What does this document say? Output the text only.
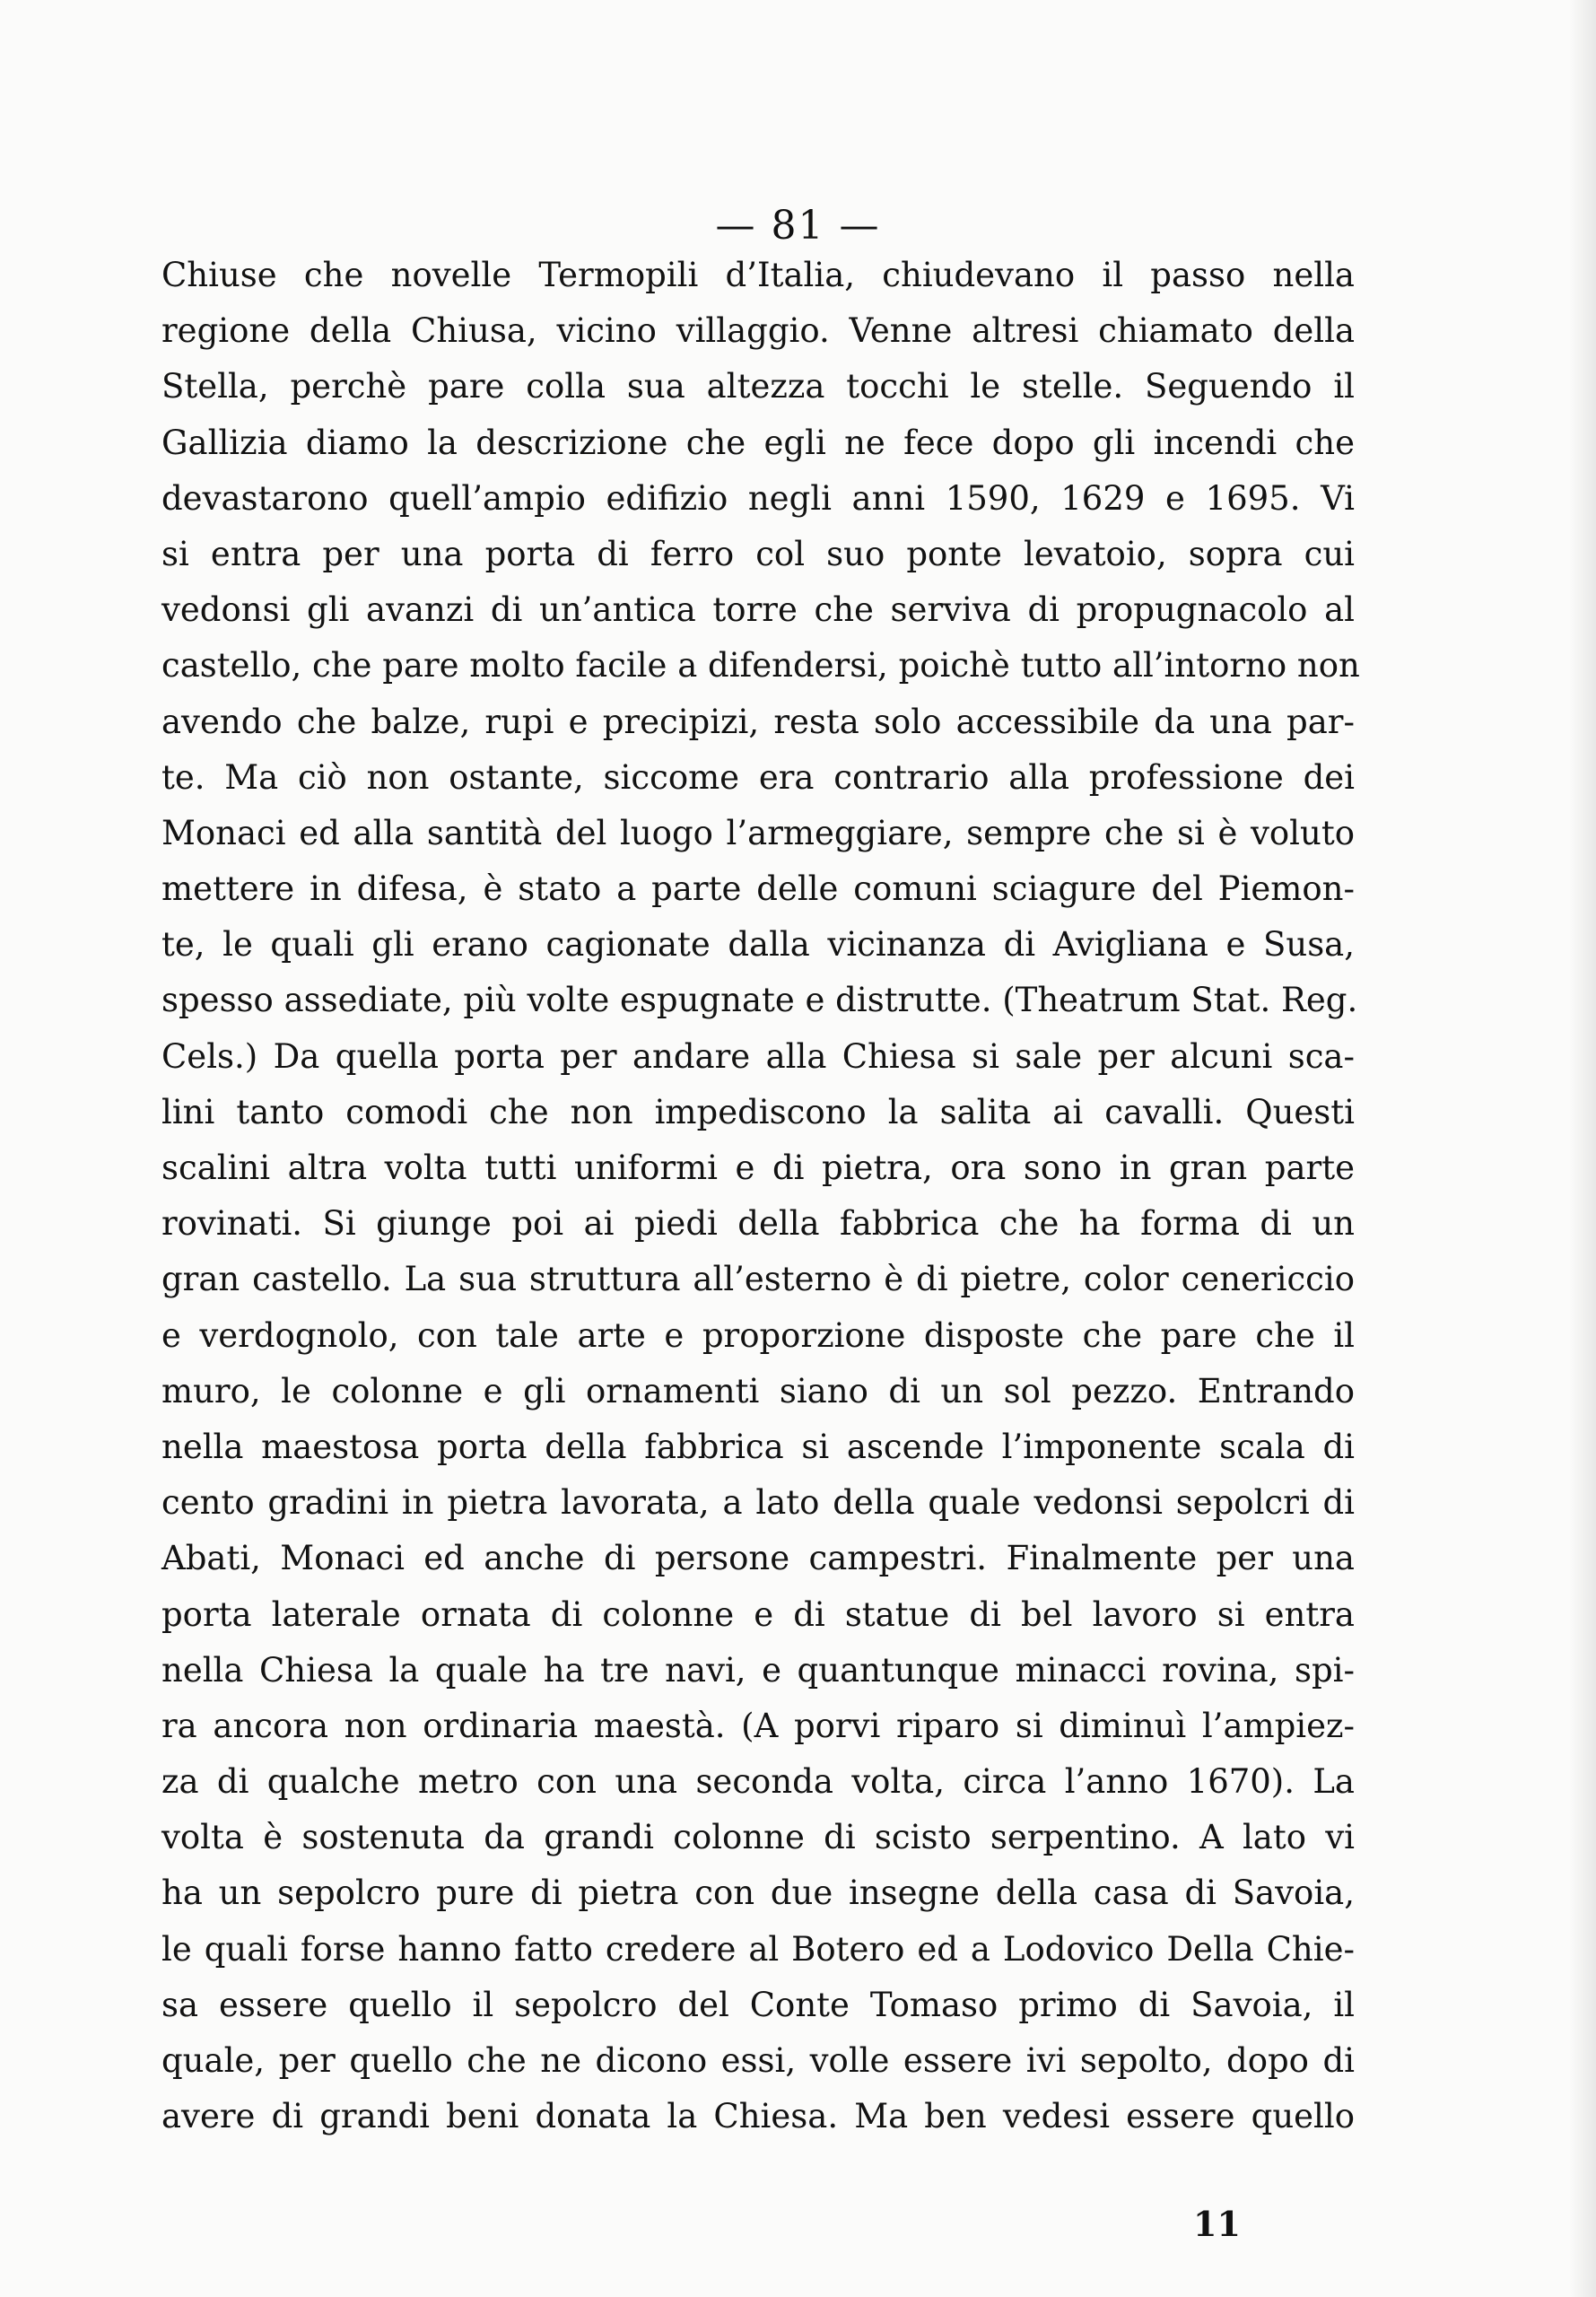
— 81 —
Chiuse che novelle Termopili d’Italia, chiudevano il passo nella
regione della Chiusa, vicino villaggio. Venne altresi chiamato della
Stella, perchè pare colla sua altezza tocchi le stelle. Seguendo il
Gallizia diamo la descrizione che egli ne fece dopo gli incendi che
devastarono quell’ampio edifizio negli anni 1590, 1629 e 1695. Vi
si entra per una porta di ferro col suo ponte levatoio, sopra cui
vedonsi gli avanzi di un’antica torre che serviva di propugnacolo al
castello, che pare molto facile a difendersi, poichè tutto all’intorno non
avendo che balze, rupi e precipizi, resta solo accessibile da una par-
te. Ma ciò non ostante, siccome era contrario alla professione dei
Monaci ed alla santità del luogo l’armeggiare, sempre che si è voluto
mettere in difesa, è stato a parte delle comuni sciagure del Piemon-
te, le quali gli erano cagionate dalla vicinanza di Avigliana e Susa,
spesso assediate, più volte espugnate e distrutte. (Theatrum Stat. Reg.
Cels.) Da quella porta per andare alla Chiesa si sale per alcuni sca-
lini tanto comodi che non impediscono la salita ai cavalli. Questi
scalini altra volta tutti uniformi e di pietra, ora sono in gran parte
rovinati. Si giunge poi ai piedi della fabbrica che ha forma di un
gran castello. La sua struttura all’esterno è di pietre, color cenericcio
e verdognolo, con tale arte e proporzione disposte che pare che il
muro, le colonne e gli ornamenti siano di un sol pezzo. Entrando
nella maestosa porta della fabbrica si ascende l’imponente scala di
cento gradini in pietra lavorata, a lato della quale vedonsi sepolcri di
Abati, Monaci ed anche di persone campestri. Finalmente per una
porta laterale ornata di colonne e di statue di bel lavoro si entra
nella Chiesa la quale ha tre navi, e quantunque minacci rovina, spi-
ra ancora non ordinaria maestà. (A porvi riparo si diminuì l’ampiez-
za di qualche metro con una seconda volta, circa l’anno 1670). La
volta è sostenuta da grandi colonne di scisto serpentino. A lato vi
ha un sepolcro pure di pietra con due insegne della casa di Savoia,
le quali forse hanno fatto credere al Botero ed a Lodovico Della Chie-
sa essere quello il sepolcro del Conte Tomaso primo di Savoia, il
quale, per quello che ne dicono essi, volle essere ivi sepolto, dopo di
avere di grandi beni donata la Chiesa. Ma ben vedesi essere quello
11
